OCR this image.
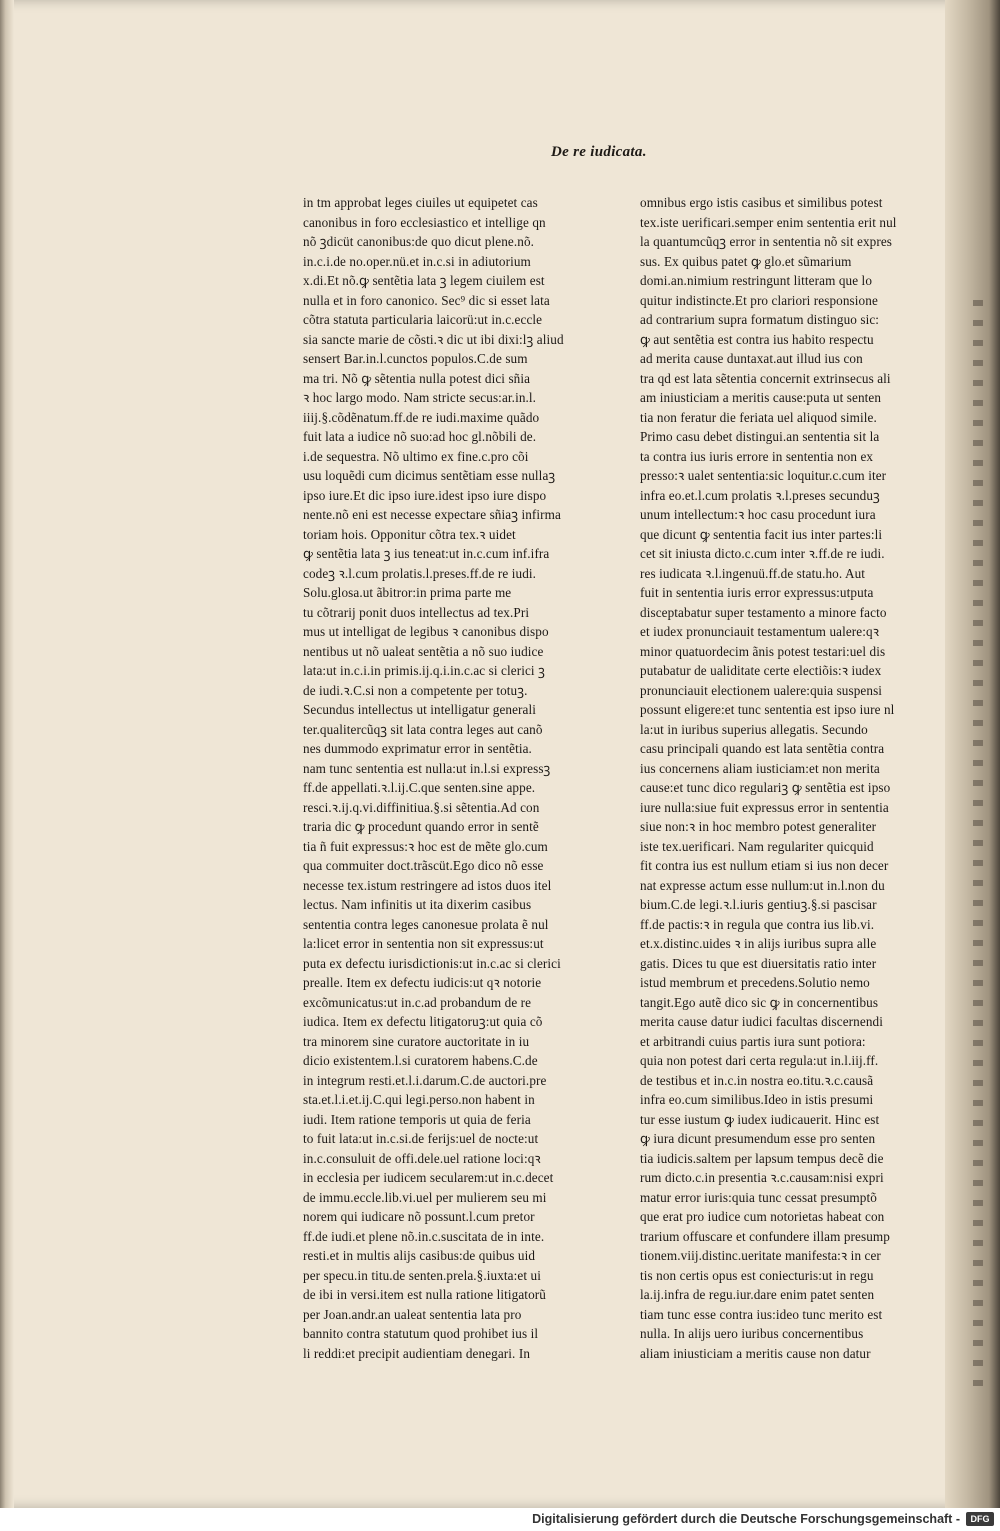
De re iudicata.
in tm approbat leges ciuiles ut equipetet cas
canonibus in foro ecclesiastico et intellige qn
nõ ꝫdicüt canonibus:de quo dicut plene.nõ.
in.c.i.de no.oper.nü.et in.c.si in adiutorium
x.di.Et nõ.ꝙ sentẽtia lata ꝫ legem ciuilem est
nulla et in foro canonico. Sec⁹ dic si esset lata
cõtra statuta particularia laicorü:ut in.c.eccle
sia sancte marie de cõsti.ꝛ dic ut ibi dixi:lꝫ aliud
sensert Bar.in.l.cunctos populos.C.de sum
ma tri. Nõ ꝙ sẽtentia nulla potest dici sñia
ꝛ hoc largo modo. Nam stricte secus:ar.in.l.
iiij.§.cõdẽnatum.ff.de re iudi.maxime quãdo
fuit lata a iudice nõ suo:ad hoc gl.nõbili de.
i.de sequestra. Nõ ultimo ex fine.c.pro cõi
usu loquẽdi cum dicimus sentẽtiam esse nullaꝫ
ipso iure.Et dic ipso iure.idest ipso iure dispo
nente.nõ eni est necesse expectare sñiaꝫ infirma
toriam hois. Opponitur cõtra tex.ꝛ uidet
ꝙ sentẽtia lata ꝫ ius teneat:ut in.c.cum inf.ifra
codeꝫ ꝛ.l.cum prolatis.l.preses.ff.de re iudi.
Solu.glosa.ut ãbitror:in prima parte me
tu cõtrarij ponit duos intellectus ad tex.Pri
mus ut intelligat de legibus ꝛ canonibus dispo
nentibus ut nõ ualeat sentẽtia a nõ suo iudice
lata:ut in.c.i.in primis.ij.q.i.in.c.ac si clerici ꝫ
de iudi.ꝛ.C.si non a competente per totuꝫ.
Secundus intellectus ut intelligatur generali
ter.qualitercũqꝫ sit lata contra leges aut canõ
nes dummodo exprimatur error in sentẽtia.
nam tunc sententia est nulla:ut in.l.si expressꝫ
ff.de appellati.ꝛ.l.ij.C.que senten.sine appe.
resci.ꝛ.ij.q.vi.diffinitiua.§.si sẽtentia.Ad con
traria dic ꝙ procedunt quando error in sentẽ
tia ñ fuit expressus:ꝛ hoc est de mẽte glo.cum
qua commuiter doct.trãscüt.Ego dico nõ esse
necesse tex.istum restringere ad istos duos itel
lectus. Nam infinitis ut ita dixerim casibus
sententia contra leges canonesue prolata ẽ nul
la:licet error in sententia non sit expressus:ut
puta ex defectu iurisdictionis:ut in.c.ac si clerici
prealle. Item ex defectu iudicis:ut qꝛ notorie
excõmunicatus:ut in.c.ad probandum de re
iudica. Item ex defectu litigatoruꝫ:ut quia cõ
tra minorem sine curatore auctoritate in iu
dicio existentem.l.si curatorem habens.C.de
in integrum resti.et.l.i.darum.C.de auctori.pre
sta.et.l.i.et.ij.C.qui legi.perso.non habent in
iudi. Item ratione temporis ut quia de feria
to fuit lata:ut in.c.si.de ferijs:uel de nocte:ut
in.c.consuluit de offi.dele.uel ratione loci:qꝛ
in ecclesia per iudicem secularem:ut in.c.decet
de immu.eccle.lib.vi.uel per mulierem seu mi
norem qui iudicare nõ possunt.l.cum pretor
ff.de iudi.et plene nõ.in.c.suscitata de in inte.
resti.et in multis alijs casibus:de quibus uid
per specu.in titu.de senten.prela.§.iuxta:et ui
de ibi in versi.item est nulla ratione litigatorũ
per Joan.andr.an ualeat sententia lata pro
bannito contra statutum quod prohibet ius il
li reddi:et precipit audientiam denegari. In
omnibus ergo istis casibus et similibus potest
tex.iste uerificari.semper enim sententia erit nul
la quantumcũqꝫ error in sententia nõ sit expres
sus. Ex quibus patet ꝙ glo.et sũmarium
domi.an.nimium restringunt litteram que lo
quitur indistincte.Et pro clariori responsione
ad contrarium supra formatum distinguo sic:
ꝙ aut sentẽtia est contra ius habito respectu
ad merita cause duntaxat.aut illud ius con
tra qd est lata sẽtentia concernit extrinsecus ali
am iniusticiam a meritis cause:puta ut senten
tia non feratur die feriata uel aliquod simile.
Primo casu debet distingui.an sententia sit la
ta contra ius iuris errore in sententia non ex
presso:ꝛ ualet sententia:sic loquitur.c.cum iter
infra eo.et.l.cum prolatis ꝛ.l.preses secunduꝫ
unum intellectum:ꝛ hoc casu procedunt iura
que dicunt ꝙ sententia facit ius inter partes:li
cet sit iniusta dicto.c.cum inter ꝛ.ff.de re iudi.
res iudicata ꝛ.l.ingenuü.ff.de statu.ho. Aut
fuit in sententia iuris error expressus:utputa
disceptabatur super testamento a minore facto
et iudex pronunciauit testamentum ualere:qꝛ
minor quatuordecim ãnis potest testari:uel dis
putabatur de ualiditate certe electiõis:ꝛ iudex
pronunciauit electionem ualere:quia suspensi
possunt eligere:et tunc sententia est ipso iure nl
la:ut in iuribus superius allegatis. Secundo
casu principali quando est lata sentẽtia contra
ius concernens aliam iusticiam:et non merita
cause:et tunc dico regulariꝫ ꝙ sentẽtia est ipso
iure nulla:siue fuit expressus error in sententia
siue non:ꝛ in hoc membro potest generaliter
iste tex.uerificari. Nam regulariter quicquid
fit contra ius est nullum etiam si ius non decer
nat expresse actum esse nullum:ut in.l.non du
bium.C.de legi.ꝛ.l.iuris gentiuꝫ.§.si pascisar
ff.de pactis:ꝛ in regula que contra ius lib.vi.
et.x.distinc.uides ꝛ in alijs iuribus supra alle
gatis. Dices tu que est diuersitatis ratio inter
istud membrum et precedens.Solutio nemo
tangit.Ego autẽ dico sic ꝙ in concernentibus
merita cause datur iudici facultas discernendi
et arbitrandi cuius partis iura sunt potiora:
quia non potest dari certa regula:ut in.l.iij.ff.
de testibus et in.c.in nostra eo.titu.ꝛ.c.causã
infra eo.cum similibus.Ideo in istis presumi
tur esse iustum ꝙ iudex iudicauerit. Hinc est
ꝙ iura dicunt presumendum esse pro senten
tia iudicis.saltem per lapsum tempus decẽ die
rum dicto.c.in presentia ꝛ.c.causam:nisi expri
matur error iuris:quia tunc cessat presumptõ
que erat pro iudice cum notorietas habeat con
trarium offuscare et confundere illam presump
tionem.viij.distinc.ueritate manifesta:ꝛ in cer
tis non certis opus est coniecturis:ut in regu
la.ij.infra de regu.iur.dare enim patet senten
tiam tunc esse contra ius:ideo tunc merito est
nulla. In alijs uero iuribus concernentibus
aliam iniusticiam a meritis cause non datur
Digitalisierung gefördert durch die Deutsche Forschungsgemeinschaft -	DFG
